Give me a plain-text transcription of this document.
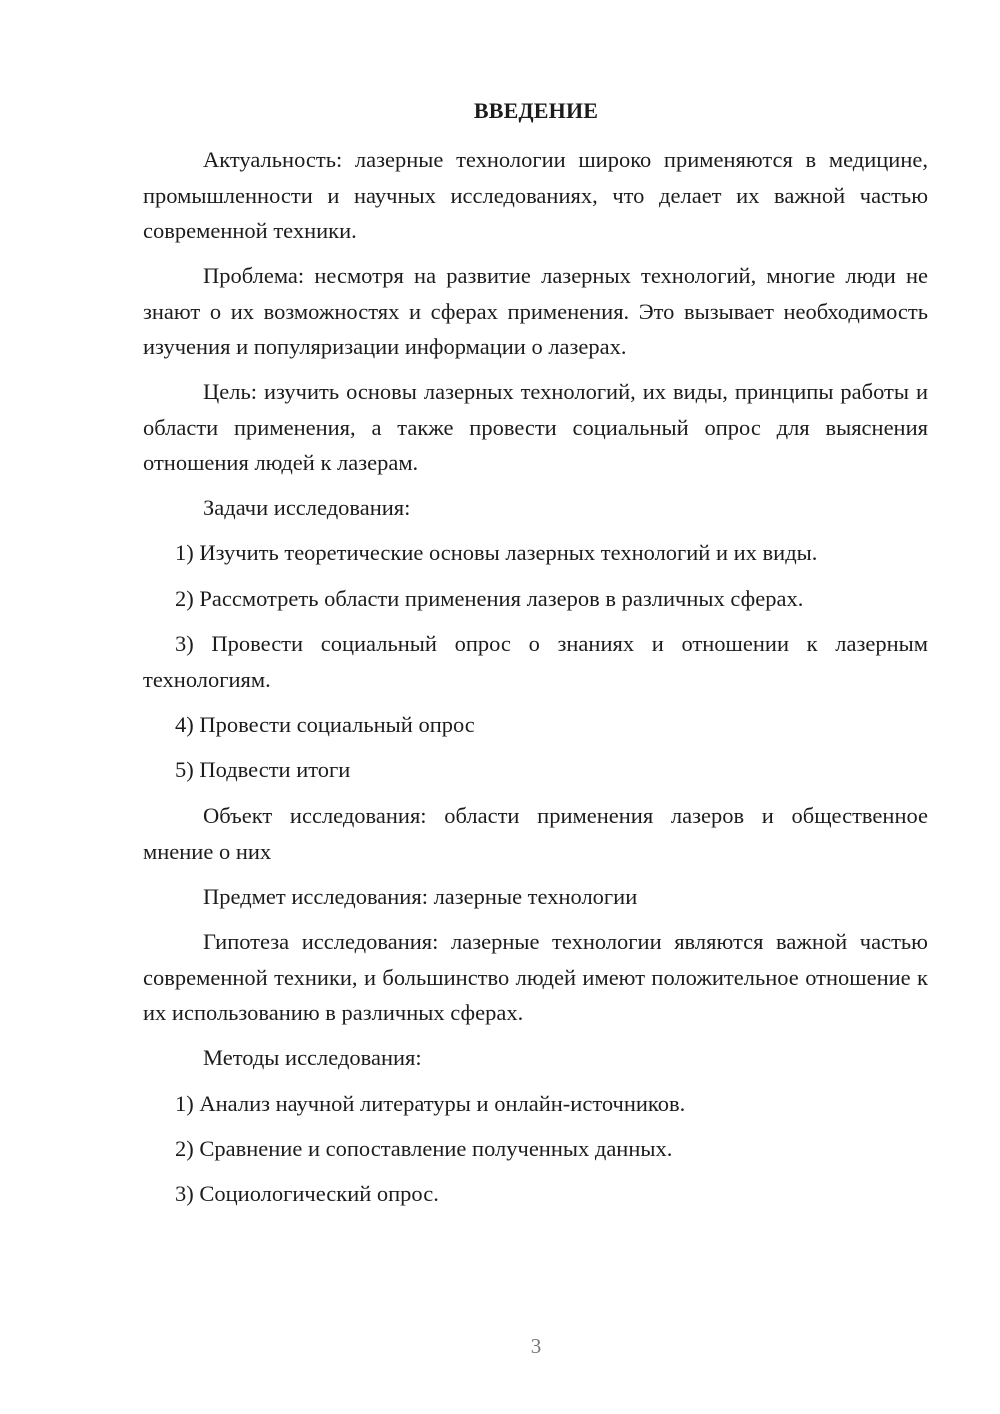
ВВЕДЕНИЕ

Актуальность: лазерные технологии широко применяются в медицине, промышленности и научных исследованиях, что делает их важной частью современной техники.

Проблема: несмотря на развитие лазерных технологий, многие люди не знают о их возможностях и сферах применения. Это вызывает необходимость изучения и популяризации информации о лазерах.

Цель: изучить основы лазерных технологий, их виды, принципы работы и области применения, а также провести социальный опрос для выяснения отношения людей к лазерам.

Задачи исследования:

1) Изучить теоретические основы лазерных технологий и их виды.

2) Рассмотреть области применения лазеров в различных сферах.

3) Провести социальный опрос о знаниях и отношении к лазерным технологиям.

4) Провести социальный опрос

5) Подвести итоги

Объект исследования: области применения лазеров и общественное мнение о них

Предмет исследования: лазерные технологии

Гипотеза исследования: лазерные технологии являются важной частью современной техники, и большинство людей имеют положительное отношение к их использованию в различных сферах.

Методы исследования:

1) Анализ научной литературы и онлайн-источников.

2) Сравнение и сопоставление полученных данных.

3) Социологический опрос.

3
